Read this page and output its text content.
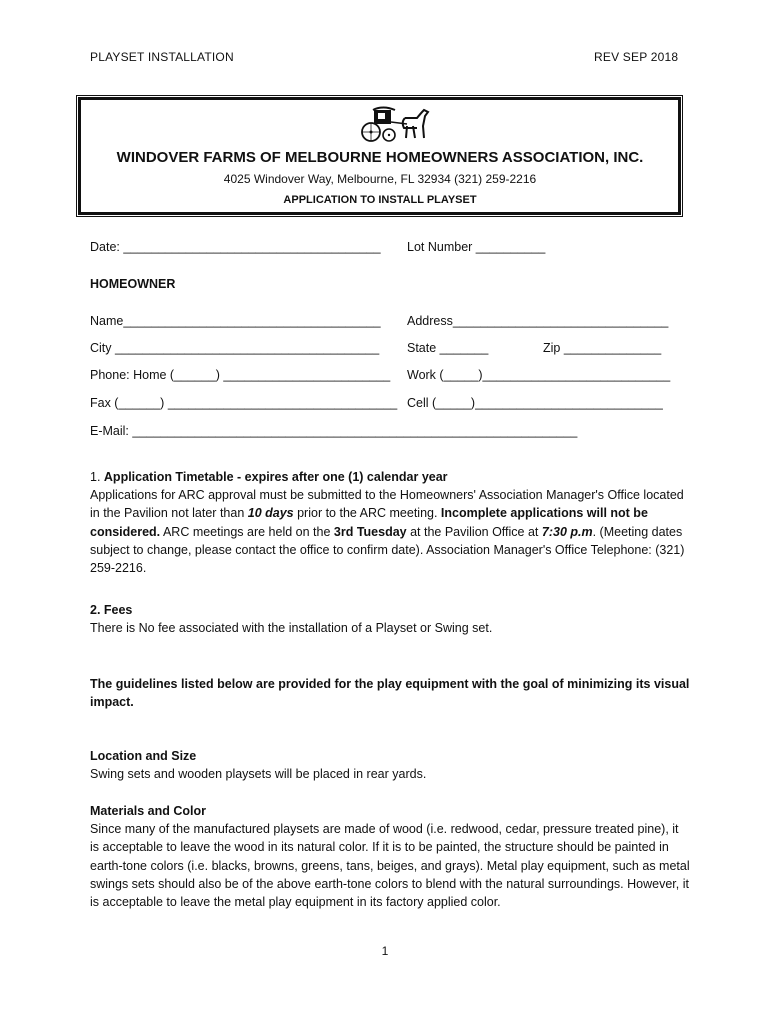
PLAYSET INSTALLATION	REV SEP 2018
WINDOVER FARMS OF MELBOURNE HOMEOWNERS ASSOCIATION, INC.
4025 Windover Way, Melbourne, FL 32934 (321) 259-2216
APPLICATION TO INSTALL PLAYSET
Date: _____________________________________ Lot Number __________
HOMEOWNER
Name_____________________________________ Address_______________________________
City ______________________________________ State _______	Zip ______________
Phone: Home (______) ________________________ Work (_____)___________________________
Fax (______) _________________________________ Cell (_____)___________________________
E-Mail: ________________________________________________________________
1. Application Timetable - expires after one (1) calendar year
Applications for ARC approval must be submitted to the Homeowners' Association Manager's Office located in the Pavilion not later than 10 days prior to the ARC meeting. Incomplete applications will not be considered. ARC meetings are held on the 3rd Tuesday at the Pavilion Office at 7:30 p.m. (Meeting dates subject to change, please contact the office to confirm date). Association Manager's Office Telephone: (321) 259-2216.
2. Fees
There is No fee associated with the installation of a Playset or Swing set.
The guidelines listed below are provided for the play equipment with the goal of minimizing its visual impact.
Location and Size
Swing sets and wooden playsets will be placed in rear yards.
Materials and Color
Since many of the manufactured playsets are made of wood (i.e. redwood, cedar, pressure treated pine), it is acceptable to leave the wood in its natural color. If it is to be painted, the structure should be painted in earth-tone colors (i.e. blacks, browns, greens, tans, beiges, and grays). Metal play equipment, such as metal swings sets should also be of the above earth-tone colors to blend with the natural surroundings. However, it is acceptable to leave the metal play equipment in its factory applied color.
1
